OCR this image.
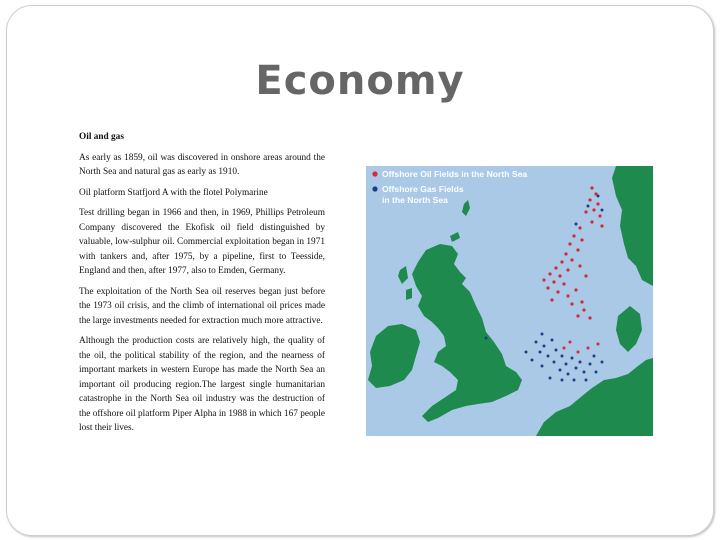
Economy

Oil and gas

As early as 1859, oil was discovered in onshore areas around the North Sea and natural gas as early as 1910.

Oil platform Statfjord A with the flotel Polymarine

Test drilling began in 1966 and then, in 1969, Phillips Petroleum Company discovered the Ekofisk oil field distinguished by valuable, low-sulphur oil. Commercial exploitation began in 1971 with tankers and, after 1975, by a pipeline, first to Teesside, England and then, after 1977, also to Emden, Germany.

The exploitation of the North Sea oil reserves began just before the 1973 oil crisis, and the climb of international oil prices made the large investments needed for extraction much more attractive.

Although the production costs are relatively high, the quality of the oil, the political stability of the region, and the nearness of important markets in western Europe has made the North Sea an important oil producing region.The largest single humanitarian catastrophe in the North Sea oil industry was the destruction of the offshore oil platform Piper Alpha in 1988 in which 167 people lost their lives.

Offshore Oil Fields in the North Sea
Offshore Gas Fields
in the North Sea
